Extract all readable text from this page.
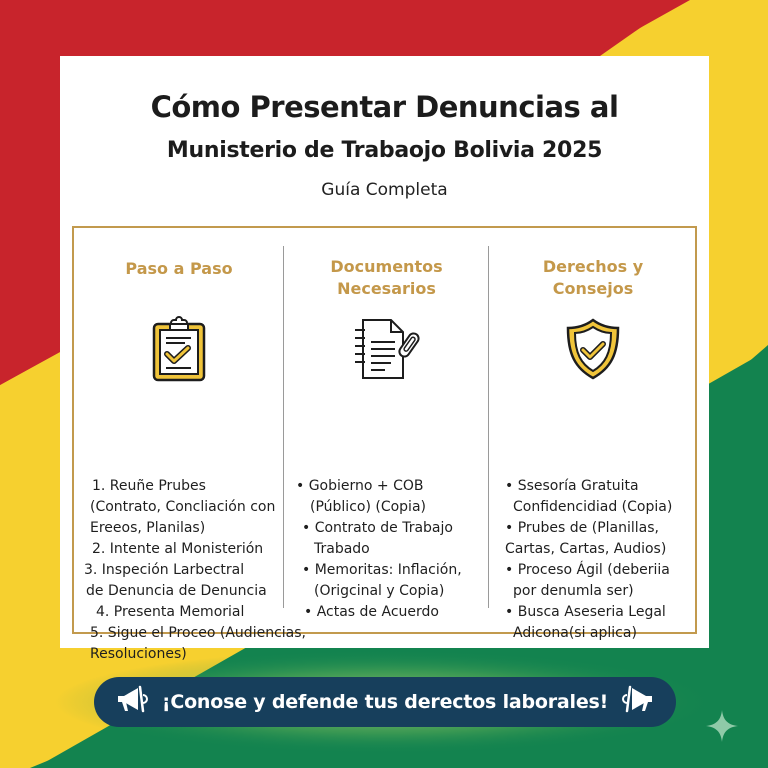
Cómo Presentar Denuncias al
Munisterio de Trabaojo Bolivia 2025
Guía Completa
Paso a Paso
1. Reuñe Prubes
(Contrato, Concliación con
Ereeos, Planilas)
2. Intente al Monisterión
3. Inspeción Larbectral
de Denuncia de Denuncia
4. Presenta Memorial
5. Sigue el Proceo (Audiencias,
Resoluciones)
Documentos
Necesarios
• Gobierno + COB
(Público) (Copia)
• Contrato de Trabajo
Trabado
• Memoritas: Inflación,
(Origcinal y Copia)
• Actas de Acuerdo
Derechos y
Consejos
• Ssesoría Gratuita
Confidencidiad (Copia)
• Prubes de (Planillas,
Cartas, Cartas, Audios)
• Proceso Ágil (deberiia
por denumla ser)
• Busca Aseseria Legal
Adicona(si aplica)
¡Conose y defende tus derectos laborales!
